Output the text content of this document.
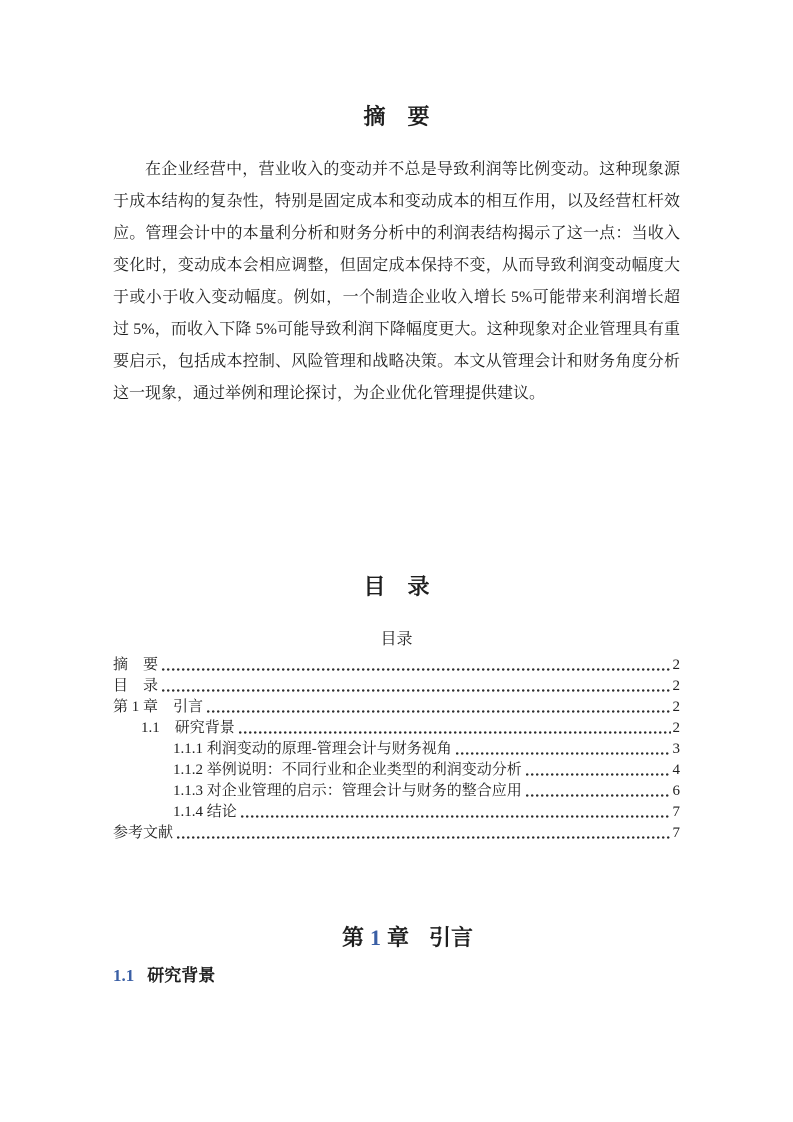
摘　要

在企业经营中，营业收入的变动并不总是导致利润等比例变动。这种现象源于成本结构的复杂性，特别是固定成本和变动成本的相互作用，以及经营杠杆效应。管理会计中的本量利分析和财务分析中的利润表结构揭示了这一点：当收入变化时，变动成本会相应调整，但固定成本保持不变，从而导致利润变动幅度大于或小于收入变动幅度。例如，一个制造企业收入增长 5%可能带来利润增长超过 5%，而收入下降 5%可能导致利润下降幅度更大。这种现象对企业管理具有重要启示，包括成本控制、风险管理和战略决策。本文从管理会计和财务角度分析这一现象，通过举例和理论探讨，为企业优化管理提供建议。

目　录
目录
摘　要	2
目　录	2
第 1 章　引言	2
1.1　研究背景	2
1.1.1 利润变动的原理-管理会计与财务视角	3
1.1.2 举例说明：不同行业和企业类型的利润变动分析	4
1.1.3 对企业管理的启示：管理会计与财务的整合应用	6
1.1.4 结论	7
参考文献	7

第 1 章 引言

1.1 研究背景
